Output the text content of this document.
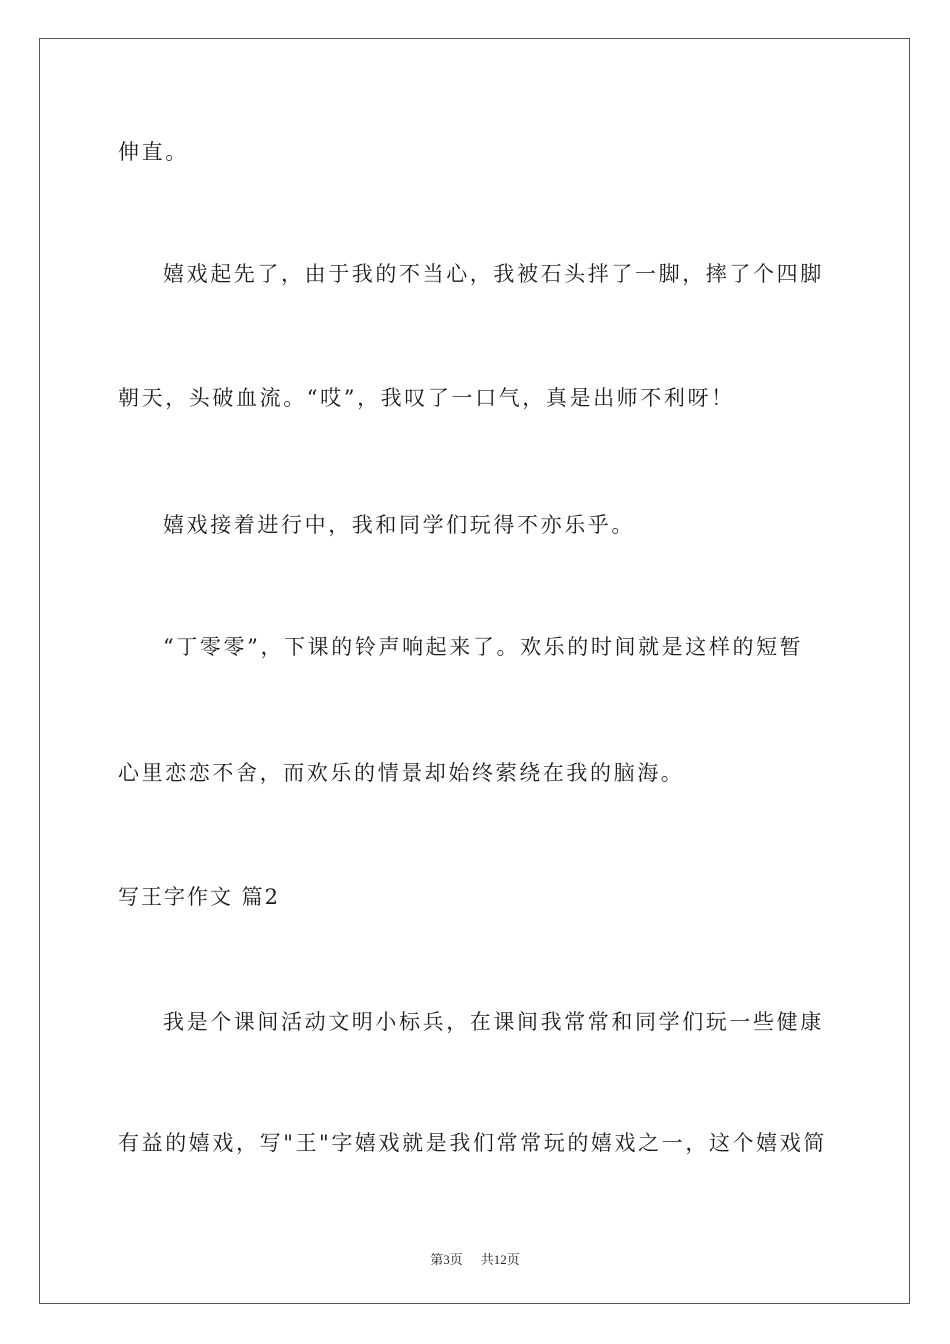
伸直。
嬉戏起先了，由于我的不当心，我被石头拌了一脚，摔了个四脚
朝天，头破血流。“哎”，我叹了一口气，真是出师不利呀！
嬉戏接着进行中，我和同学们玩得不亦乐乎。
“丁零零”，下课的铃声响起来了。欢乐的时间就是这样的短暂
心里恋恋不舍，而欢乐的情景却始终萦绕在我的脑海。
写王字作文 篇2
我是个课间活动文明小标兵，在课间我常常和同学们玩一些健康
有益的嬉戏，写"王"字嬉戏就是我们常常玩的嬉戏之一，这个嬉戏简
第3页 共12页
